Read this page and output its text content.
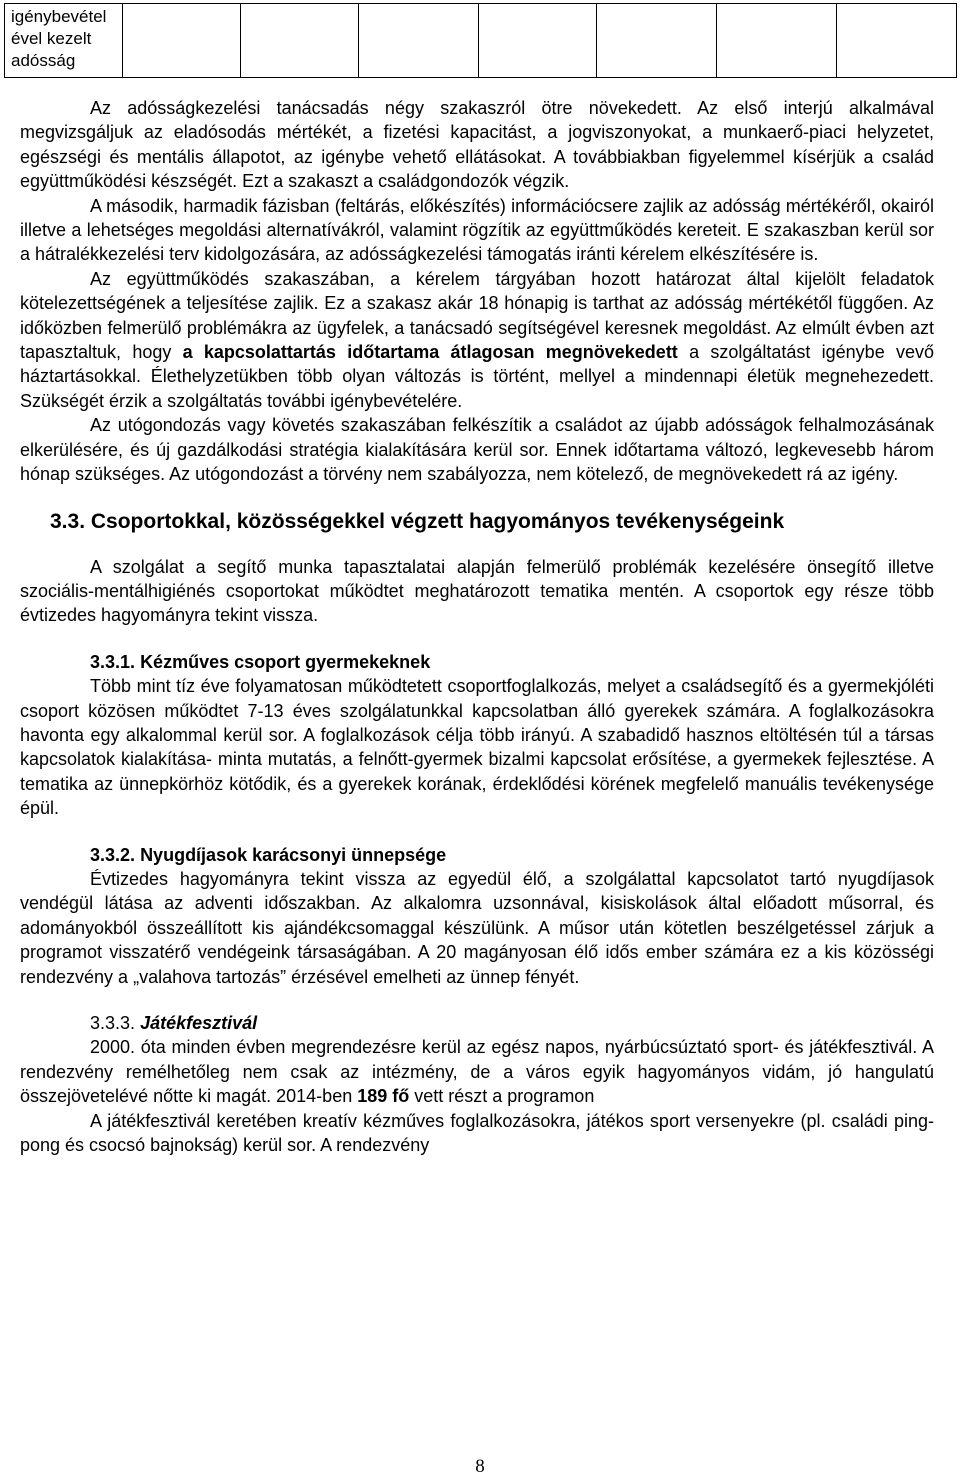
igénybevétel
ével kezelt
adósság

Az adósságkezelési tanácsadás négy szakaszról ötre növekedett. Az első interjú alkalmával megvizsgáljuk az eladósodás mértékét, a fizetési kapacitást, a jogviszonyokat, a munkaerő-piaci helyzetet, egészségi és mentális állapotot, az igénybe vehető ellátásokat. A továbbiakban figyelemmel kísérjük a család együttműködési készségét. Ezt a szakaszt a családgondozók végzik.

A második, harmadik fázisban (feltárás, előkészítés) információcsere zajlik az adósság mértékéről, okairól illetve a lehetséges megoldási alternatívákról, valamint rögzítik az együttműködés kereteit. E szakaszban kerül sor a hátralékkezelési terv kidolgozására, az adósságkezelési támogatás iránti kérelem elkészítésére is.

Az együttműködés szakaszában, a kérelem tárgyában hozott határozat által kijelölt feladatok kötelezettségének a teljesítése zajlik. Ez a szakasz akár 18 hónapig is tarthat az adósság mértékétől függően. Az időközben felmerülő problémákra az ügyfelek, a tanácsadó segítségével keresnek megoldást. Az elmúlt évben azt tapasztaltuk, hogy a kapcsolattartás időtartama átlagosan megnövekedett a szolgáltatást igénybe vevő háztartásokkal. Élethelyzetükben több olyan változás is történt, mellyel a mindennapi életük megnehezedett. Szükségét érzik a szolgáltatás további igénybevételére.

Az utógondozás vagy követés szakaszában felkészítik a családot az újabb adósságok felhalmozásának elkerülésére, és új gazdálkodási stratégia kialakítására kerül sor. Ennek időtartama változó, legkevesebb három hónap szükséges. Az utógondozást a törvény nem szabályozza, nem kötelező, de megnövekedett rá az igény.

3.3. Csoportokkal, közösségekkel végzett hagyományos tevékenységeink

A szolgálat a segítő munka tapasztalatai alapján felmerülő problémák kezelésére önsegítő illetve szociális-mentálhigiénés csoportokat működtet meghatározott tematika mentén. A csoportok egy része több évtizedes hagyományra tekint vissza.

3.3.1. Kézműves csoport gyermekeknek

Több mint tíz éve folyamatosan működtetett csoportfoglalkozás, melyet a családsegítő és a gyermekjóléti csoport közösen működtet 7-13 éves szolgálatunkkal kapcsolatban álló gyerekek számára. A foglalkozásokra havonta egy alkalommal kerül sor. A foglalkozások célja több irányú. A szabadidő hasznos eltöltésén túl a társas kapcsolatok kialakítása- minta mutatás, a felnőtt-gyermek bizalmi kapcsolat erősítése, a gyermekek fejlesztése. A tematika az ünnepkörhöz kötődik, és a gyerekek korának, érdeklődési körének megfelelő manuális tevékenysége épül.

3.3.2. Nyugdíjasok karácsonyi ünnepsége

Évtizedes hagyományra tekint vissza az egyedül élő, a szolgálattal kapcsolatot tartó nyugdíjasok vendégül látása az adventi időszakban. Az alkalomra uzsonnával, kisiskolások által előadott műsorral, és adományokból összeállított kis ajándékcsomaggal készülünk. A műsor után kötetlen beszélgetéssel zárjuk a programot visszatérő vendégeink társaságában. A 20 magányosan élő idős ember számára ez a kis közösségi rendezvény a „valahova tartozás” érzésével emelheti az ünnep fényét.

3.3.3. Játékfesztivál

2000. óta minden évben megrendezésre kerül az egész napos, nyárbúcsúztató sport- és játékfesztivál. A rendezvény remélhetőleg nem csak az intézmény, de a város egyik hagyományos vidám, jó hangulatú összejövetelévé nőtte ki magát. 2014-ben 189 fő vett részt a programon

A játékfesztivál keretében kreatív kézműves foglalkozásokra, játékos sport versenyekre (pl. családi ping-pong és csocsó bajnokság) kerül sor. A rendezvény

8
